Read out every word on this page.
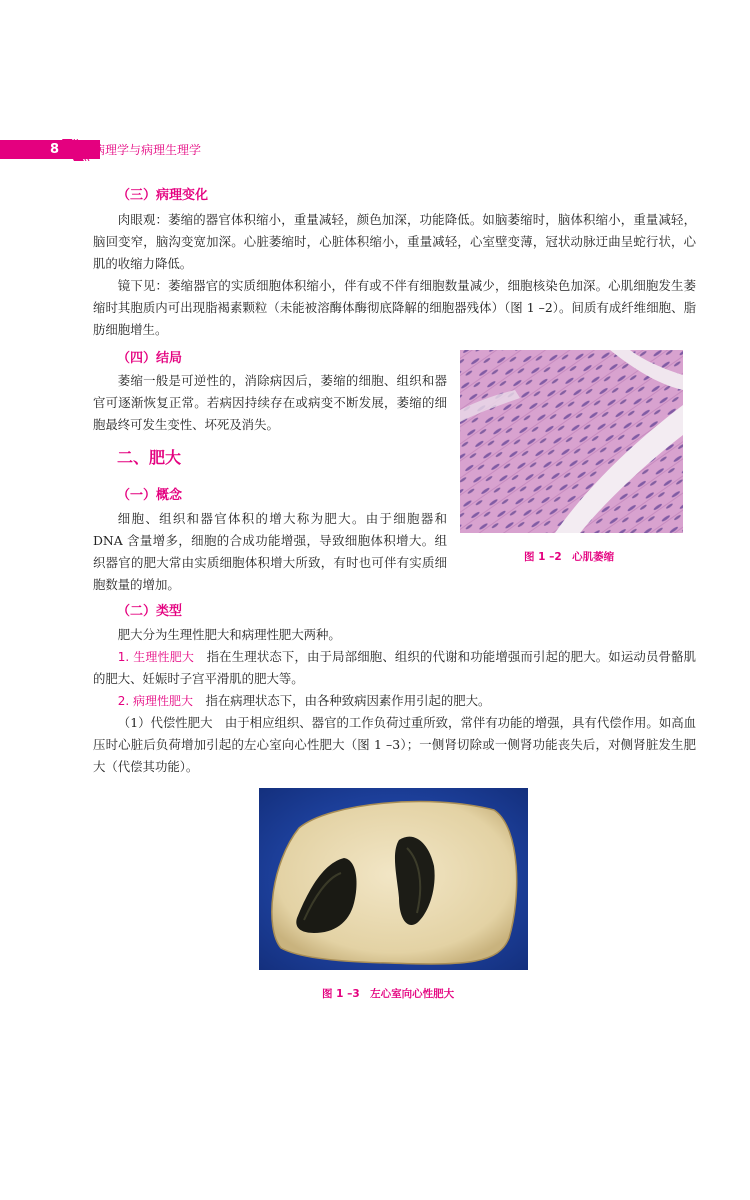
8	病理学与病理生理学
（三）病理变化

肉眼观：萎缩的器官体积缩小，重量减轻，颜色加深，功能降低。如脑萎缩时，脑体积缩小，重量减轻，脑回变窄，脑沟变宽加深。心脏萎缩时，心脏体积缩小，重量减轻，心室壁变薄，冠状动脉迂曲呈蛇行状，心肌的收缩力降低。

镜下见：萎缩器官的实质细胞体积缩小，伴有或不伴有细胞数量减少，细胞核染色加深。心肌细胞发生萎缩时其胞质内可出现脂褐素颗粒（未能被溶酶体酶彻底降解的细胞器残体）（图 1 –2）。间质有成纤维细胞、脂肪细胞增生。

（四）结局

萎缩一般是可逆性的，消除病因后，萎缩的细胞、组织和器官可逐渐恢复正常。若病因持续存在或病变不断发展，萎缩的细胞最终可发生变性、坏死及消失。

图 1 –2　心肌萎缩
二、肥大
（一）概念

细胞、组织和器官体积的增大称为肥大。由于细胞器和 DNA 含量增多，细胞的合成功能增强，导致细胞体积增大。组织器官的肥大常由实质细胞体积增大所致，有时也可伴有实质细胞数量的增加。

（二）类型

肥大分为生理性肥大和病理性肥大两种。

1. 生理性肥大　 指在生理状态下，由于局部细胞、组织的代谢和功能增强而引起的肥大。如运动员骨骼肌的肥大、妊娠时子宫平滑肌的肥大等。

2. 病理性肥大　 指在病理状态下，由各种致病因素作用引起的肥大。

（1）代偿性肥大　 由于相应组织、器官的工作负荷过重所致，常伴有功能的增强，具有代偿作用。如高血压时心脏后负荷增加引起的左心室向心性肥大（图 1 –3）；一侧肾切除或一侧肾功能丧失后，对侧肾脏发生肥大（代偿其功能）。

图 1 –3　左心室向心性肥大
